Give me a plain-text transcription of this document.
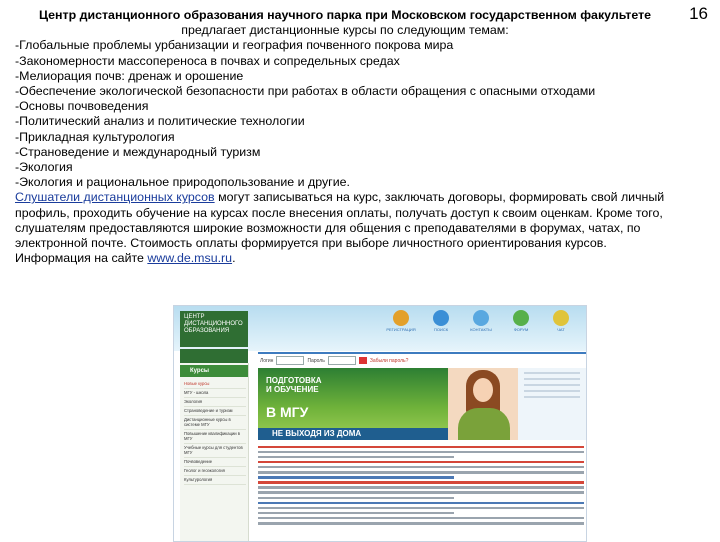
16
Центр дистанционного образования научного парка при Московском государственном факультете предлагает дистанционные курсы по следующим темам:
-Глобальные проблемы урбанизации и география почвенного покрова мира
-Закономерности массопереноса в почвах и сопредельных средах
-Мелиорация почв: дренаж и орошение
-Обеспечение экологической безопасности при работах в области обращения с опасными отходами
-Основы почвоведения
-Политический анализ и политические технологии
-Прикладная культурология
-Страноведение и международный туризм
-Экология
-Экология и рациональное природопользование и другие.

Слушатели дистанционных курсов могут записываться на курс, заключать договоры, формировать свой личный профиль, проходить обучение на курсах после внесения оплаты, получать доступ к своим оценкам. Кроме того, слушателям предоставляются широкие возможности для общения с преподавателями в форумах, чатах, по электронной почте. Стоимость оплаты формируется при выборе личностного ориентирования курсов. Информация на сайте www.de.msu.ru.

ЦЕНТР ДИСТАНЦИОННОГО ОБРАЗОВАНИЯ	РЕГИСТРАЦИЯ	ПОИСК	КОНТАКТЫ	ФОРУМ	ЧАТ
Логин	Пароль	Забыли пароль?
Курсы
Новые курсы
МГУ - школа
Экология
Страноведение и туризм
Дистанционные курсы в системе МГУ
Повышение квалификации в МГУ
Учебные курсы для студентов МГУ
Почвоведение
Геолог и геоэкология
Культурология
ПОДГОТОВКА
И ОБУЧЕНИЕ
В МГУ
НЕ ВЫХОДЯ ИЗ ДОМА
